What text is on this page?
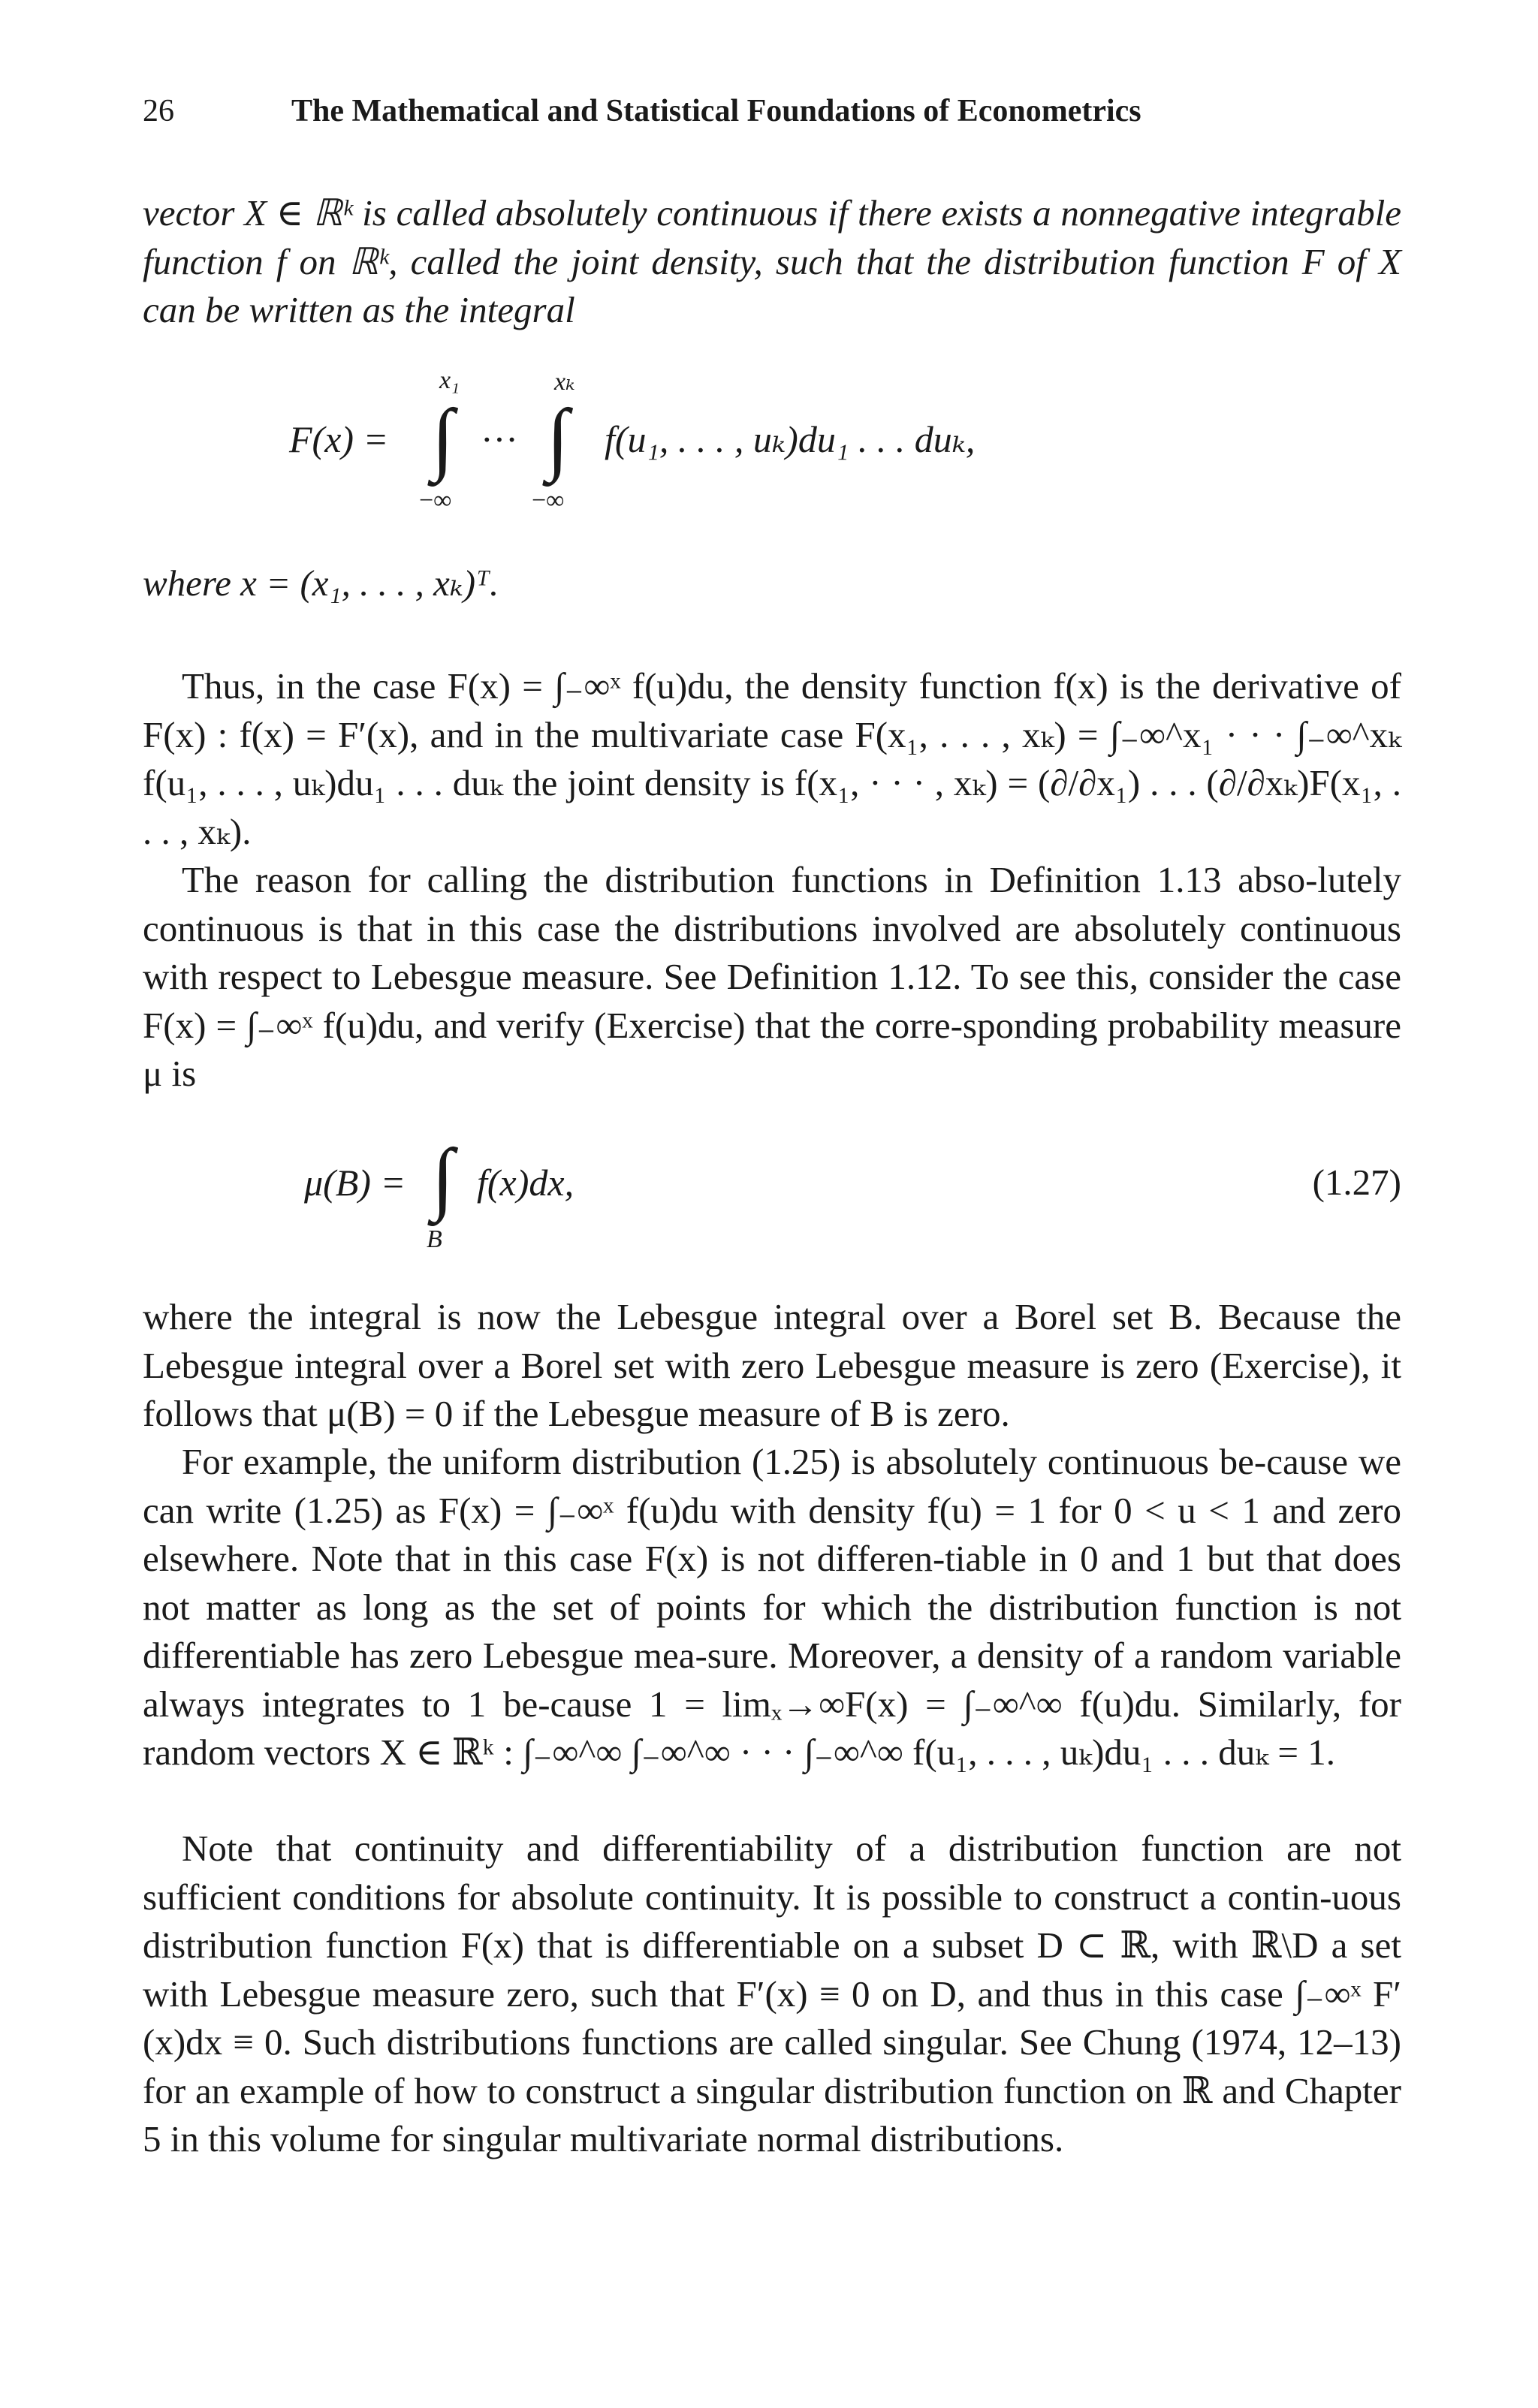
26	The Mathematical and Statistical Foundations of Econometrics
vector X ∈ ℝᵏ is called absolutely continuous if there exists a nonnegative integrable function f on ℝᵏ, called the joint density, such that the distribution function F of X can be written as the integral
F(x) =
x₁
∫
−∞
···
xₖ
∫
−∞
f(u₁, . . . , uₖ)du₁ . . . duₖ,
where x = (x₁, . . . , xₖ)ᵀ.
Thus, in the case F(x) = ∫₋∞ˣ f(u)du, the density function f(x) is the derivative of F(x) : f(x) = F′(x), and in the multivariate case F(x₁, . . . , xₖ) = ∫₋∞^x₁ · · · ∫₋∞^xₖ f(u₁, . . . , uₖ)du₁ . . . duₖ the joint density is f(x₁, · · · , xₖ) = (∂/∂x₁) . . . (∂/∂xₖ)F(x₁, . . . , xₖ).
The reason for calling the distribution functions in Definition 1.13 abso-lutely continuous is that in this case the distributions involved are absolutely continuous with respect to Lebesgue measure. See Definition 1.12. To see this, consider the case F(x) = ∫₋∞ˣ f(u)du, and verify (Exercise) that the corre-sponding probability measure μ is
μ(B) = ∫
B
f(x)dx,	(1.27)
where the integral is now the Lebesgue integral over a Borel set B. Because the Lebesgue integral over a Borel set with zero Lebesgue measure is zero (Exercise), it follows that μ(B) = 0 if the Lebesgue measure of B is zero.
For example, the uniform distribution (1.25) is absolutely continuous be-cause we can write (1.25) as F(x) = ∫₋∞ˣ f(u)du with density f(u) = 1 for 0 < u < 1 and zero elsewhere. Note that in this case F(x) is not differen-tiable in 0 and 1 but that does not matter as long as the set of points for which the distribution function is not differentiable has zero Lebesgue mea-sure. Moreover, a density of a random variable always integrates to 1 be-cause 1 = limₓ→∞F(x) = ∫₋∞^∞ f(u)du. Similarly, for random vectors X ∈ ℝᵏ : ∫₋∞^∞ ∫₋∞^∞ · · · ∫₋∞^∞ f(u₁, . . . , uₖ)du₁ . . . duₖ = 1.
Note that continuity and differentiability of a distribution function are not sufficient conditions for absolute continuity. It is possible to construct a contin-uous distribution function F(x) that is differentiable on a subset D ⊂ ℝ, with ℝ\D a set with Lebesgue measure zero, such that F′(x) ≡ 0 on D, and thus in this case ∫₋∞ˣ F′(x)dx ≡ 0. Such distributions functions are called singular. See Chung (1974, 12–13) for an example of how to construct a singular distribution function on ℝ and Chapter 5 in this volume for singular multivariate normal distributions.
